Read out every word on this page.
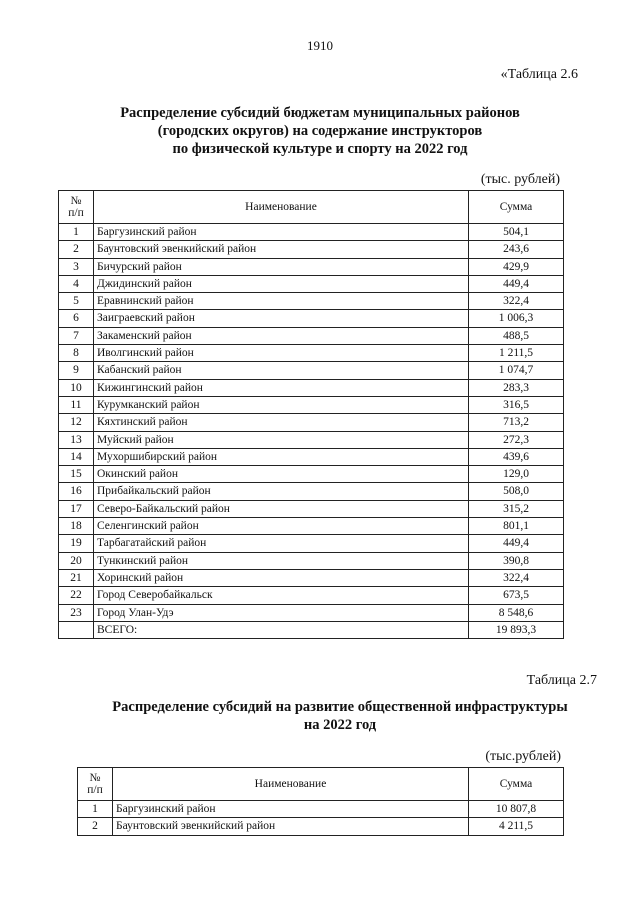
1910
«Таблица 2.6
Распределение субсидий бюджетам муниципальных районов
(городских округов) на содержание инструкторов
по физической культуре и спорту на 2022 год
(тыс. рублей)
№
п/п	Наименование	Сумма
1	Баргузинский район	504,1
2	Баунтовский эвенкийский район	243,6
3	Бичурский район	429,9
4	Джидинский район	449,4
5	Еравнинский район	322,4
6	Заиграевский район	1 006,3
7	Закаменский район	488,5
8	Иволгинский район	1 211,5
9	Кабанский район	1 074,7
10	Кижингинский район	283,3
11	Курумканский район	316,5
12	Кяхтинский район	713,2
13	Муйский район	272,3
14	Мухоршибирский район	439,6
15	Окинский район	129,0
16	Прибайкальский район	508,0
17	Северо-Байкальский район	315,2
18	Селенгинский район	801,1
19	Тарбагатайский район	449,4
20	Тункинский район	390,8
21	Хоринский район	322,4
22	Город Северобайкальск	673,5
23	Город Улан-Удэ	8 548,6
	ВСЕГО:	19 893,3
Таблица 2.7
Распределение субсидий на развитие общественной инфраструктуры
на 2022 год
(тыс.рублей)
№
п/п	Наименование	Сумма
1	Баргузинский район	10 807,8
2	Баунтовский эвенкийский район	4 211,5
